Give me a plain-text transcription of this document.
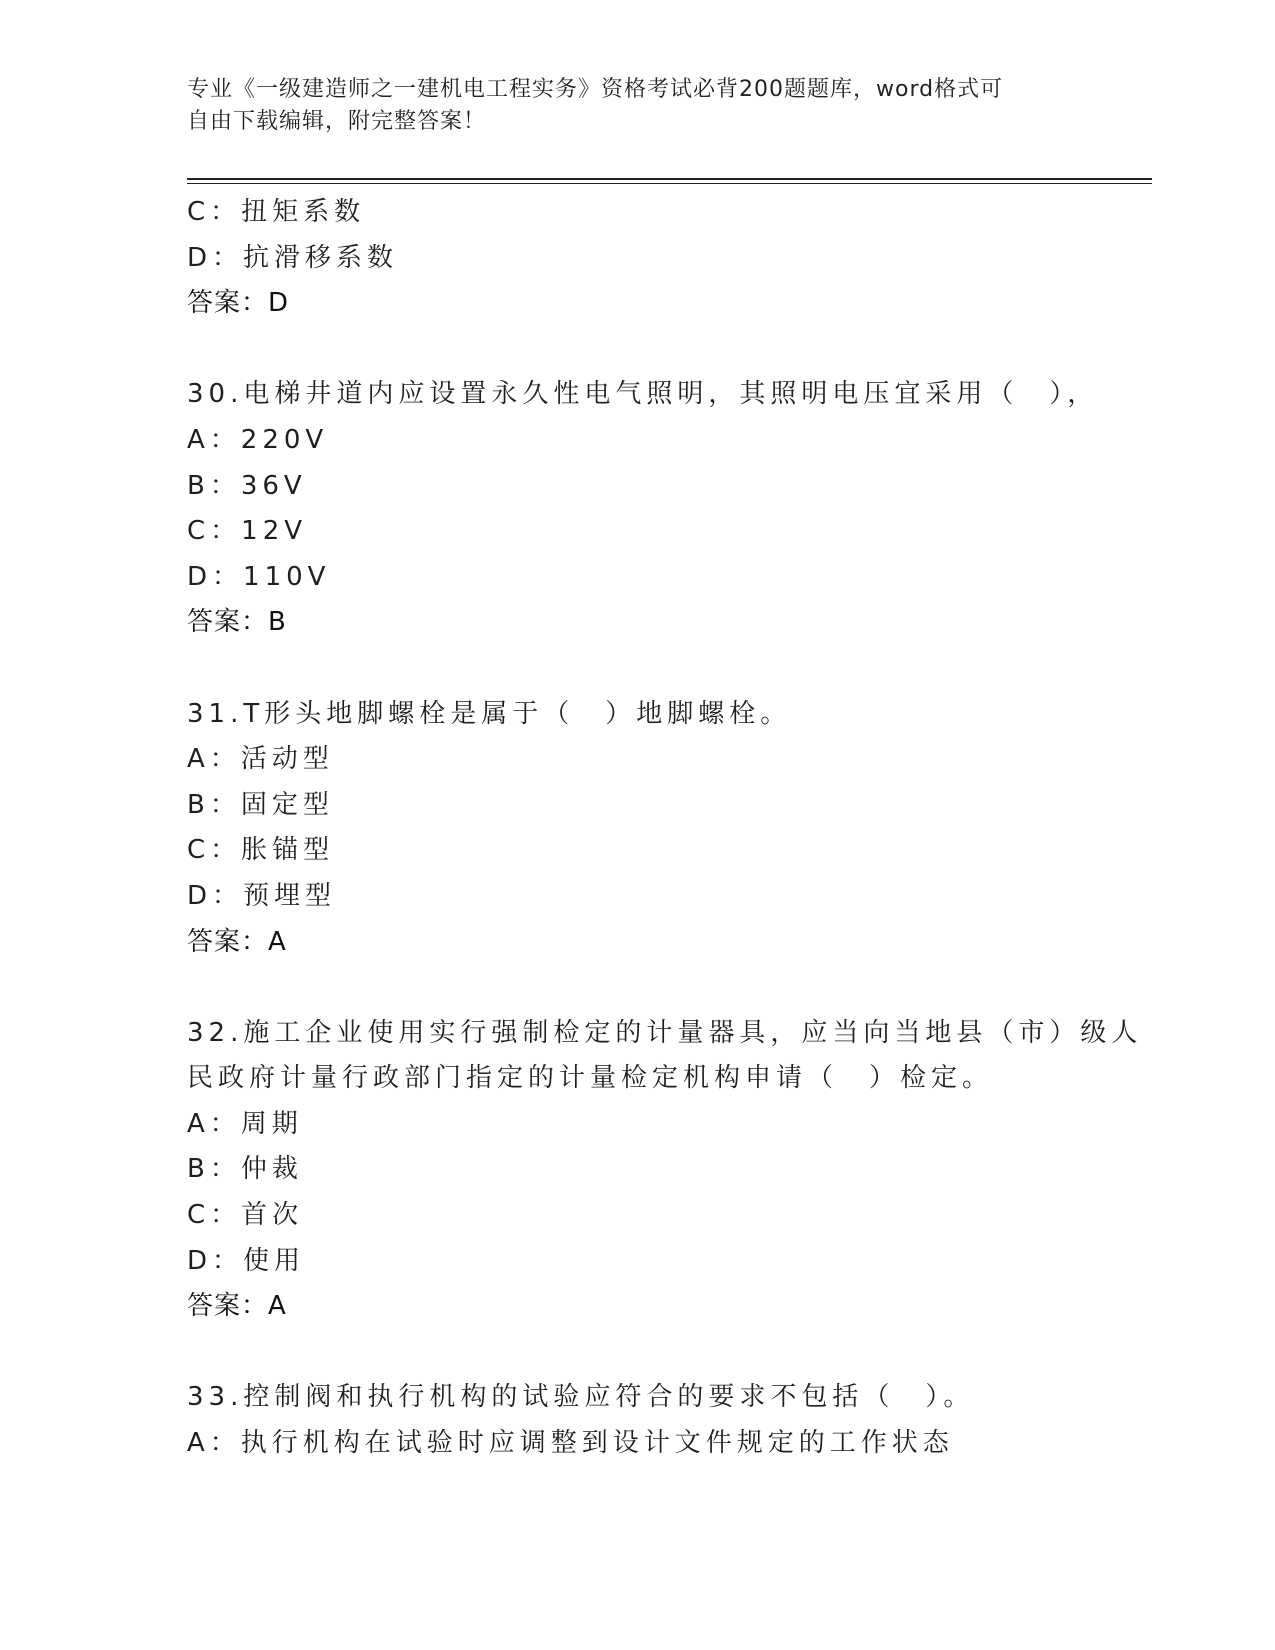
专业《一级建造师之一建机电工程实务》资格考试必背200题题库，word格式可
自由下载编辑，附完整答案！
C：扭矩系数
D：抗滑移系数
答案：D
30.电梯井道内应设置永久性电气照明，其照明电压宜采用（　），
A：220V
B：36V
C：12V
D：110V
答案：B
31.T形头地脚螺栓是属于（　）地脚螺栓。
A：活动型
B：固定型
C：胀锚型
D：预埋型
答案：A
32.施工企业使用实行强制检定的计量器具，应当向当地县（市）级人
民政府计量行政部门指定的计量检定机构申请（　）检定。
A：周期
B：仲裁
C：首次
D：使用
答案：A
33.控制阀和执行机构的试验应符合的要求不包括（　）。
A：执行机构在试验时应调整到设计文件规定的工作状态
